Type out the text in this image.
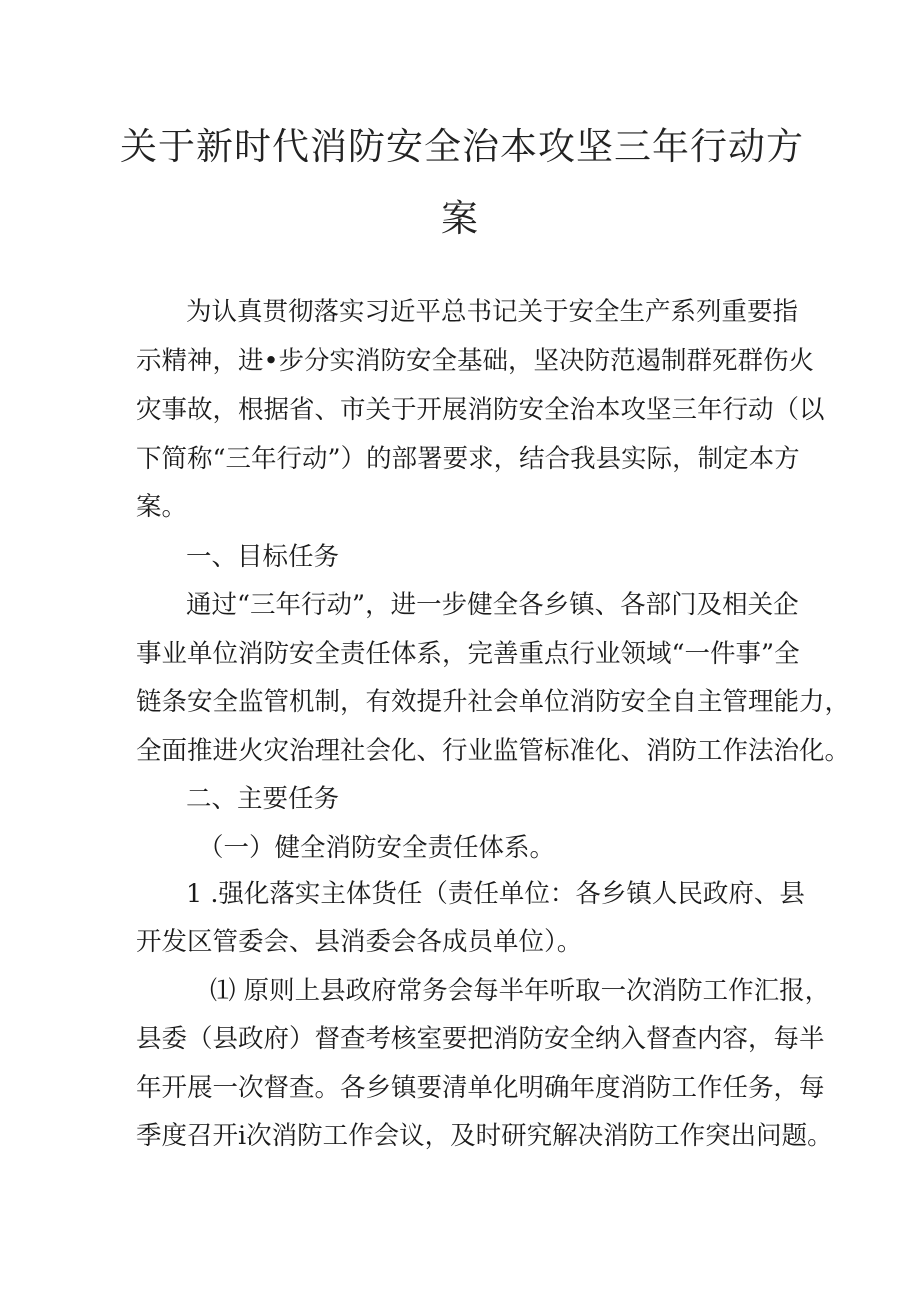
关于新时代消防安全治本攻坚三年行动方
案
为认真贯彻落实习近平总书记关于安全生产系列重要指
示精神，进•步分实消防安全基础，坚决防范遏制群死群伤火
灾事故，根据省、市关于开展消防安全治本攻坚三年行动（以
下简称“三年行动”）的部署要求，结合我县实际，制定本方
案。
一、目标任务
通过“三年行动”，进一步健全各乡镇、各部门及相关企
事业单位消防安全责任体系，完善重点行业领域“一件事”全
链条安全监管机制，有效提升社会单位消防安全自主管理能力，
全面推进火灾治理社会化、行业监管标准化、消防工作法治化。
二、主要任务
（一）健全消防安全责任体系。
1 .强化落实主体货任（责任单位：各乡镇人民政府、县
开发区管委会、县消委会各成员单位）。
⑴ 原则上县政府常务会每半年听取一次消防工作汇报，
县委（县政府）督查考核室要把消防安全纳入督查内容，每半
年开展一次督查。各乡镇要清单化明确年度消防工作任务，每
季度召开i次消防工作会议，及时研究解决消防工作突出问题。
